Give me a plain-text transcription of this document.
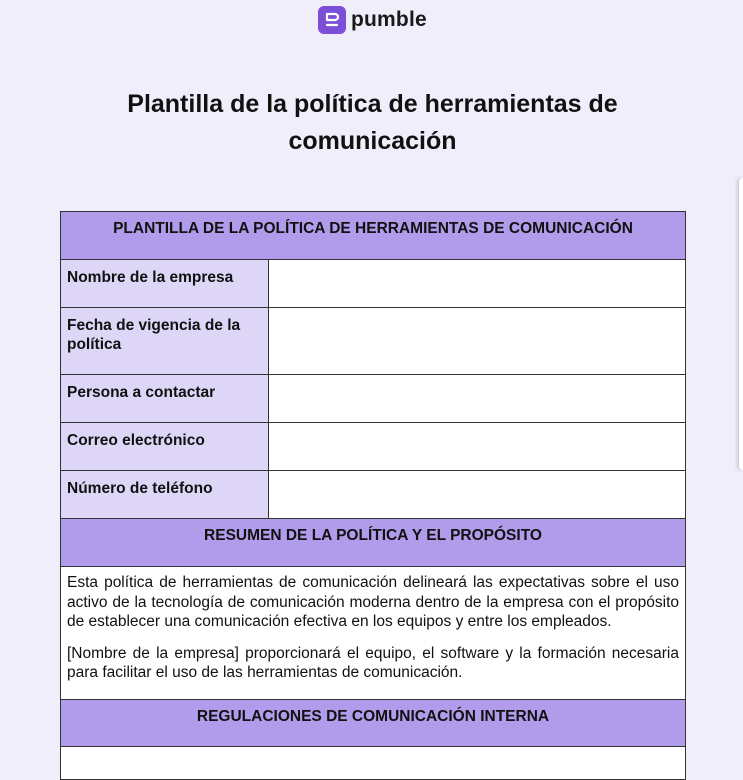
pumble
Plantilla de la política de herramientas de comunicación
PLANTILLA DE LA POLÍTICA DE HERRAMIENTAS DE COMUNICACIÓN	
Nombre de la empresa	
Fecha de vigencia de la política	
Persona a contactar	
Correo electrónico	
Número de teléfono	
RESUMEN DE LA POLÍTICA Y EL PROPÓSITO	

Esta política de herramientas de comunicación delineará las expectativas sobre el uso activo de la tecnología de comunicación moderna dentro de la empresa con el propósito de establecer una comunicación efectiva en los equipos y entre los empleados.

[Nombre de la empresa] proporcionará el equipo, el software y la formación necesaria para facilitar el uso de las herramientas de comunicación.	

REGULACIONES DE COMUNICACIÓN INTERNA	
